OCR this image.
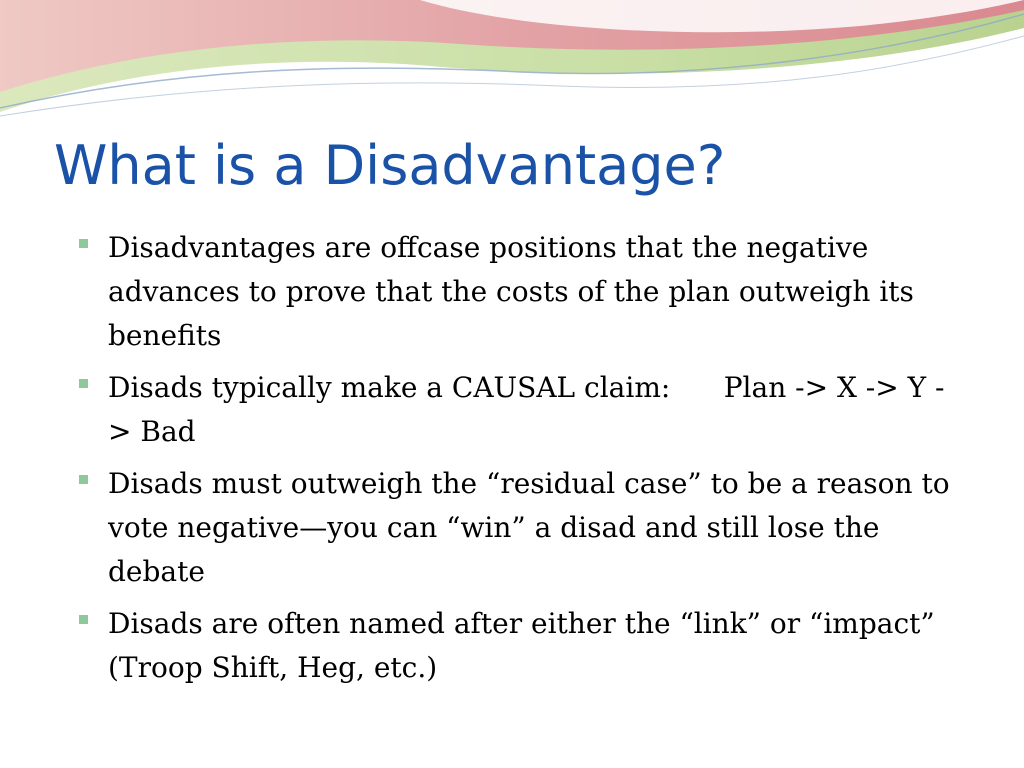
What is a Disadvantage?
Disadvantages are offcase positions that the negative advances to prove that the costs of the plan outweigh its benefits
Disads typically make a CAUSAL claim:      Plan -> X -> Y -> Bad
Disads must outweigh the “residual case” to be a reason to vote negative—you can “win” a disad and still lose the debate
Disads are often named after either the “link” or “impact” (Troop Shift, Heg, etc.)
